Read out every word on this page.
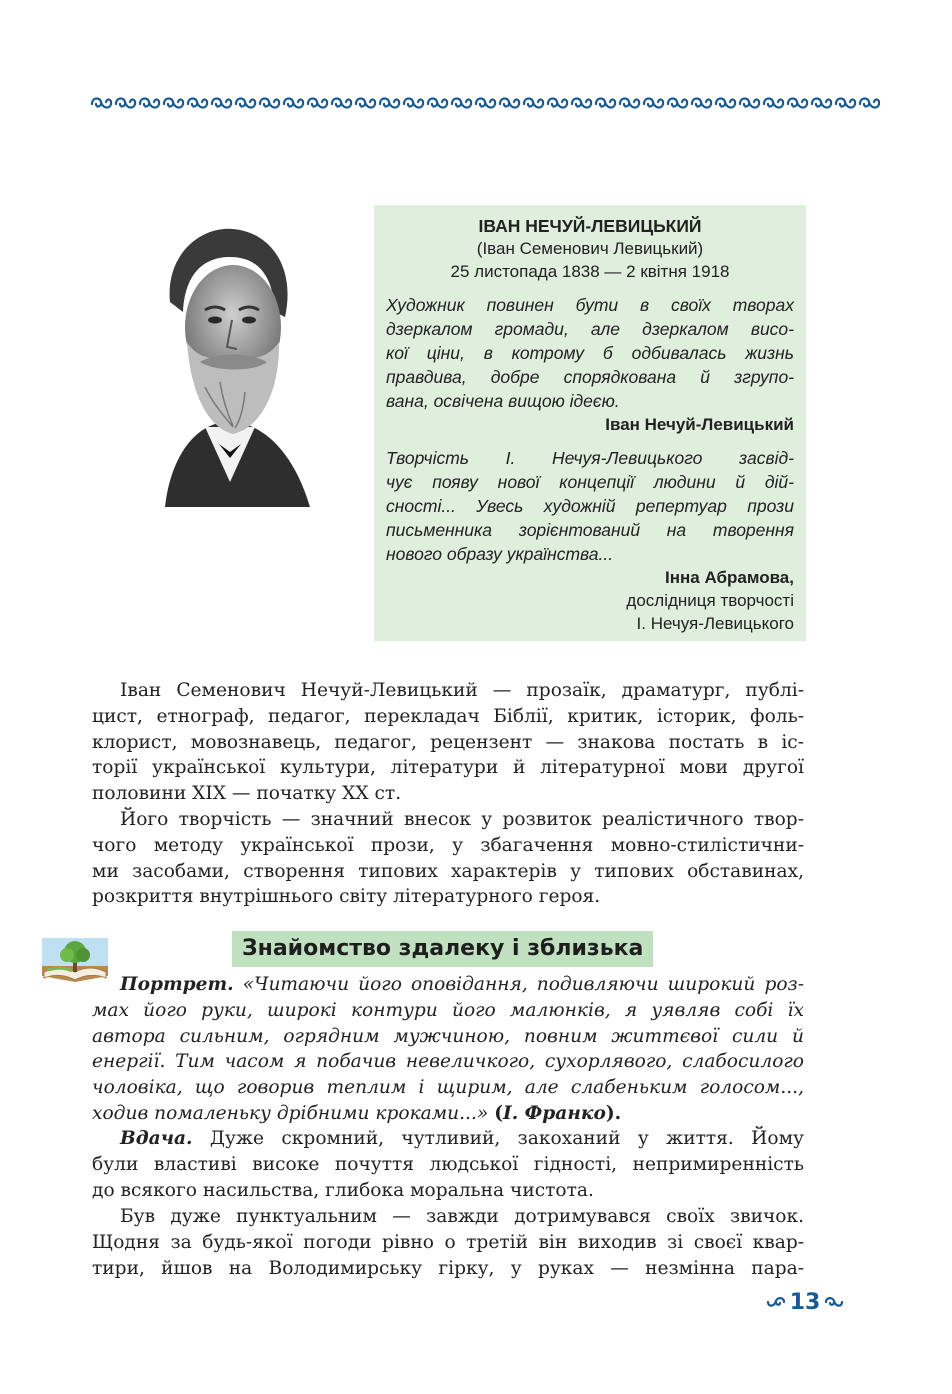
ІВАН НЕЧУЙ-ЛЕВИЦЬКИЙ
(Іван Семенович Левицький)
25 листопада 1838 — 2 квітня 1918
Художник повинен бути в своїх творах
дзеркалом громади, але дзеркалом висо-
кої ціни, в котрому б одбивалась жизнь
правдива, добре спорядкована й згрупо-
вана, освічена вищою ідеєю.
Іван Нечуй-Левицький
Творчість І. Нечуя-Левицького засвід-
чує появу нової концепції людини й дій-
сності... Увесь художній репертуар прози
письменника зорієнтований на творення
нового образу українства...
Інна Абрамова,
дослідниця творчості
І. Нечуя-Левицького
Іван Семенович Нечуй-Левицький — прозаїк, драматург, публі-
цист, етнограф, педагог, перекладач Біблії, критик, історик, фоль-
клорист, мовознавець, педагог, рецензент — знакова постать в іс-
торії української культури, літератури й літературної мови другої
половини XIX — початку XX ст.
Його творчість — значний внесок у розвиток реалістичного твор-
чого методу української прози, у збагачення мовно-стилістични-
ми засобами, створення типових характерів у типових обставинах,
розкриття внутрішнього світу літературного героя.
Знайомство здалеку і зблизька
Портрет. «Читаючи його оповідання, подивляючи широкий роз-
мах його руки, широкі контури його малюнків, я уявляв собі їх
автора сильним, огрядним мужчиною, повним життєвої сили й
енергії. Тим часом я побачив невеличкого, сухорлявого, слабосилого
чоловіка, що говорив теплим і щирим, але слабеньким голосом...,
ходив помаленьку дрібними кроками...» (І. Франко).
Вдача. Дуже скромний, чутливий, закоханий у життя. Йому
були властиві високе почуття людської гідності, непримиренність
до всякого насильства, глибока моральна чистота.
Був дуже пунктуальним — завжди дотримувався своїх звичок.
Щодня за будь-якої погоди рівно о третій він виходив зі своєї квар-
тири, йшов на Володимирську гірку, у руках — незмінна пара-
13
